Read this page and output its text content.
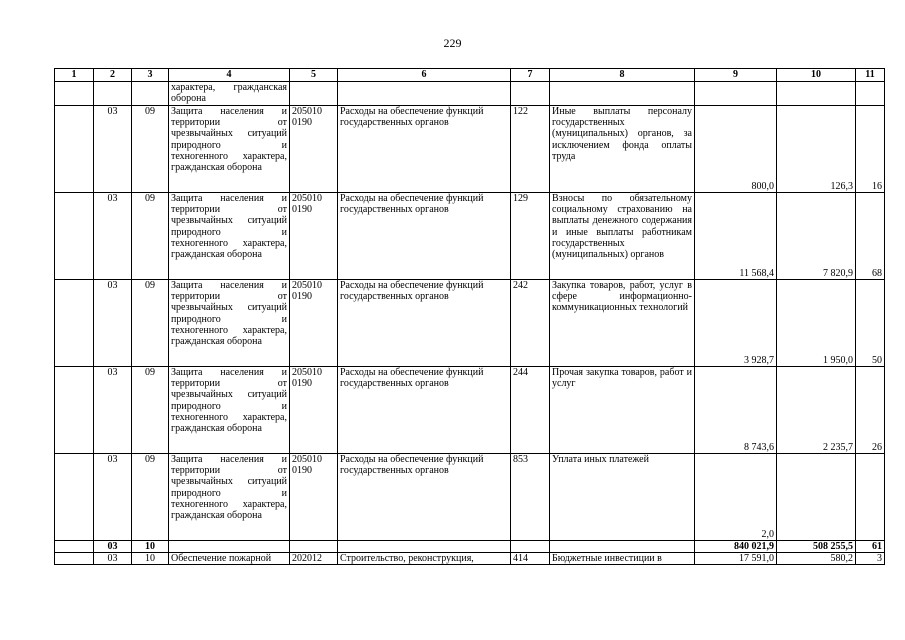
229
1	2	3	4	5	6	7	8	9	10	11
			характера, гражданская оборона							
	03	09	Защита населения и территории от чрезвычайных ситуаций природного и техногенного характера, гражданская оборона	205010 0190	Расходы на обеспечение функций государственных органов	122	Иные выплаты персоналу государственных (муниципальных) органов, за исключением фонда оплаты труда	800,0	126,3	16
	03	09	Защита населения и территории от чрезвычайных ситуаций природного и техногенного характера, гражданская оборона	205010 0190	Расходы на обеспечение функций государственных органов	129	Взносы по обязательному социальному страхованию на выплаты денежного содержания и иные выплаты работникам государственных (муниципальных) органов	11 568,4	7 820,9	68
	03	09	Защита населения и территории от чрезвычайных ситуаций природного и техногенного характера, гражданская оборона	205010 0190	Расходы на обеспечение функций государственных органов	242	Закупка товаров, работ, услуг в сфере информационно-коммуникационных технологий	3 928,7	1 950,0	50
	03	09	Защита населения и территории от чрезвычайных ситуаций природного и техногенного характера, гражданская оборона	205010 0190	Расходы на обеспечение функций государственных органов	244	Прочая закупка товаров, работ и услуг	8 743,6	2 235,7	26
	03	09	Защита населения и территории от чрезвычайных ситуаций природного и техногенного характера, гражданская оборона	205010 0190	Расходы на обеспечение функций государственных органов	853	Уплата иных платежей	2,0		
	03	10						840 021,9	508 255,5	61
	03	10	Обеспечение пожарной	202012	Строительство, реконструкция,	414	Бюджетные инвестиции в	17 591,0	580,2	3
